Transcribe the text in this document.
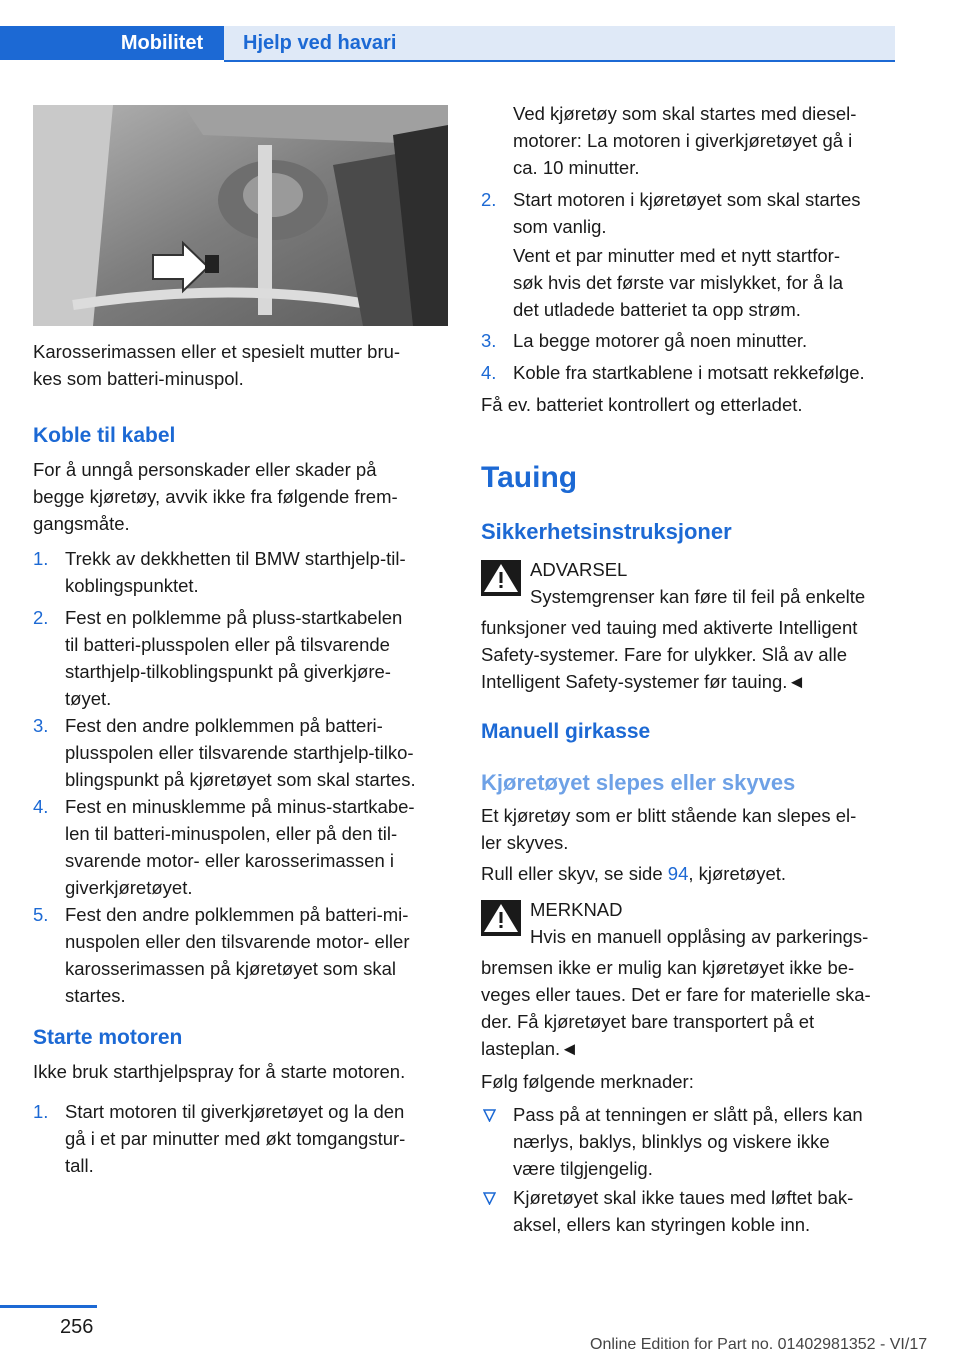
Mobilitet	Hjelp ved havari

Karosserimassen eller et spesielt mutter bru-

kes som batteri-minuspol.

Koble til kabel

For å unngå personskader eller skader på

begge kjøretøy, avvik ikke fra følgende frem-

gangsmåte.

1. Trekk av dekkhetten til BMW starthjelp-til-

koblingspunktet.

2. Fest en polklemme på pluss-startkabelen

til batteri-plusspolen eller på tilsvarende

starthjelp-tilkoblingspunkt på giverkjøre-

tøyet.

3. Fest den andre polklemmen på batteri-

plusspolen eller tilsvarende starthjelp-tilko-

blingspunkt på kjøretøyet som skal startes.

4. Fest en minusklemme på minus-startkabe-

len til batteri-minuspolen, eller på den til-

svarende motor- eller karosserimassen i

giverkjøretøyet.

5. Fest den andre polklemmen på batteri-mi-

nuspolen eller den tilsvarende motor- eller

karosserimassen på kjøretøyet som skal

startes.

Starte motoren

Ikke bruk starthjelpspray for å starte motoren.

1. Start motoren til giverkjøretøyet og la den

gå i et par minutter med økt tomgangstur-

tall.

Ved kjøretøy som skal startes med diesel-

motorer: La motoren i giverkjøretøyet gå i

ca. 10 minutter.

2. Start motoren i kjøretøyet som skal startes

som vanlig.

Vent et par minutter med et nytt startfor-

søk hvis det første var mislykket, for å la

det utladede batteriet ta opp strøm.

3. La begge motorer gå noen minutter.

4. Koble fra startkablene i motsatt rekkefølge.

Få ev. batteriet kontrollert og etterladet.

Tauing
Sikkerhetsinstruksjoner

ADVARSEL

Systemgrenser kan føre til feil på enkelte

funksjoner ved tauing med aktiverte Intelligent

Safety-systemer. Fare for ulykker. Slå av alle

Intelligent Safety-systemer før tauing.◄

Manuell girkasse
Kjøretøyet slepes eller skyves

Et kjøretøy som er blitt stående kan slepes el-

ler skyves.

Rull eller skyv, se side 94, kjøretøyet.

MERKNAD

Hvis en manuell opplåsing av parkerings-

bremsen ikke er mulig kan kjøretøyet ikke be-

veges eller taues. Det er fare for materielle ska-

der. Få kjøretøyet bare transportert på et

lasteplan.◄

Følg følgende merknader:

Pass på at tenningen er slått på, ellers kan

nærlys, baklys, blinklys og viskere ikke

være tilgjengelig.

Kjøretøyet skal ikke taues med løftet bak-

aksel, ellers kan styringen koble inn.

256
Online Edition for Part no. 01402981352 - VI/17
